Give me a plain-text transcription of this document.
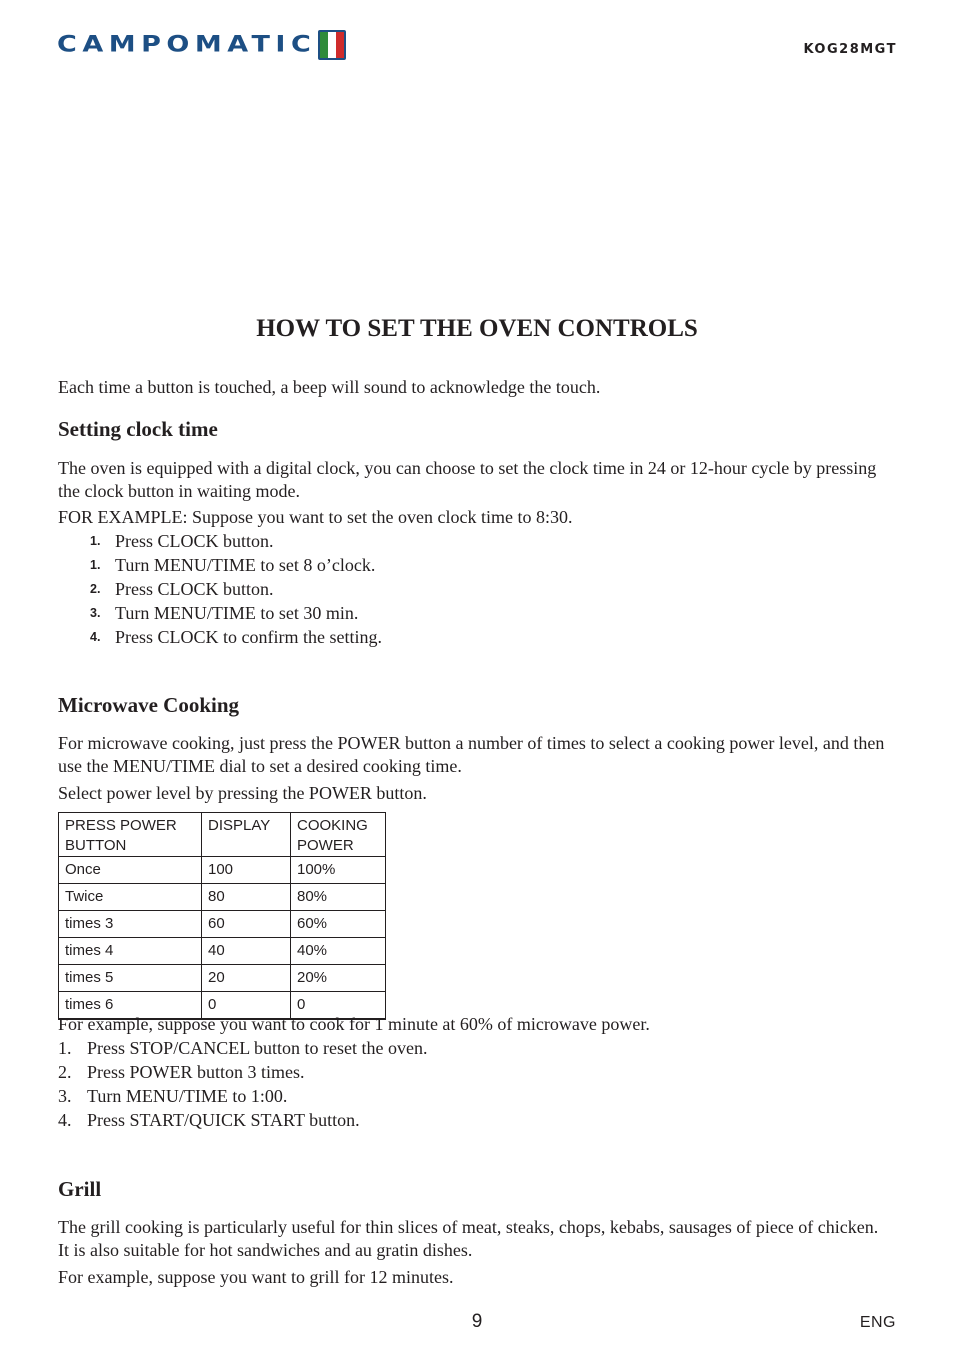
CAMPOMATIC	KOG28MGT
HOW TO SET THE OVEN CONTROLS
Each time a button is touched, a beep will sound to acknowledge the touch.
Setting clock time
The oven is equipped with a digital clock, you can choose to set the clock time in 24 or 12-hour cycle by pressing the clock button in waiting mode.
FOR EXAMPLE: Suppose you want to set the oven clock time to 8:30.
1. Press CLOCK button.
1. Turn MENU/TIME to set 8 o’clock.
2. Press CLOCK button.
3. Turn MENU/TIME to set 30 min.
4. Press CLOCK to confirm the setting.
Microwave Cooking
For microwave cooking, just press the POWER button a number of times to select a cooking power level, and then use the MENU/TIME dial to set a desired cooking time.
Select power level by pressing the POWER button.
PRESS POWER BUTTON	DISPLAY	COOKING POWER
Once	100	100%
Twice	80	80%
times 3	60	60%
times 4	40	40%
times 5	20	20%
times 6	0	0
For example, suppose you want to cook for 1 minute at 60% of microwave power.
1. Press STOP/CANCEL button to reset the oven.
2. Press POWER button 3 times.
3. Turn MENU/TIME to 1:00.
4. Press START/QUICK START button.
Grill
The grill cooking is particularly useful for thin slices of meat, steaks, chops, kebabs, sausages of piece of chicken. It is also suitable for hot sandwiches and au gratin dishes.
For example, suppose you want to grill for 12 minutes.
9	ENG
